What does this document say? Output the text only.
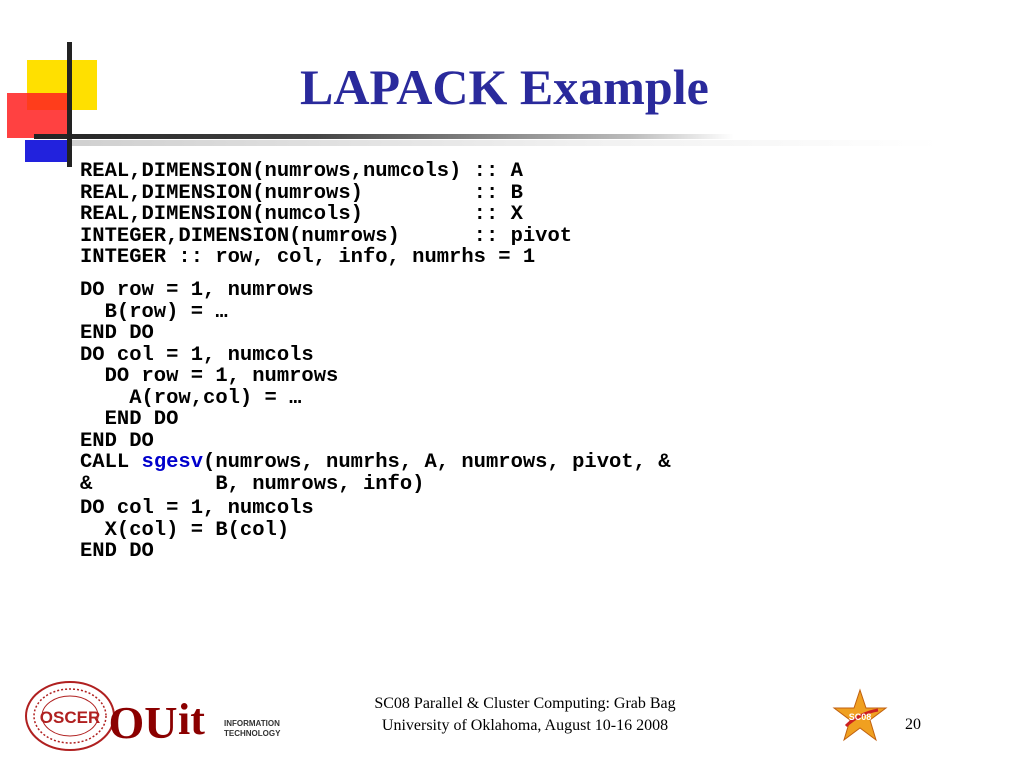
LAPACK Example
REAL,DIMENSION(numrows,numcols) :: A
REAL,DIMENSION(numrows)         :: B
REAL,DIMENSION(numcols)         :: X
INTEGER,DIMENSION(numrows)      :: pivot
INTEGER :: row, col, info, numrhs = 1
DO row = 1, numrows
B(row) = …
END DO
DO col = 1, numcols
DO row = 1, numrows
A(row,col) = …
END DO
END DO
CALL sgesv(numrows, numrhs, A, numrows, pivot, &
&          B, numrows, info)
DO col = 1, numcols
X(col) = B(col)
END DO
OSCER OU it INFORMATION
TECHNOLOGY
SC08 Parallel & Cluster Computing: Grab Bag
University of Oklahoma, August 10-16 2008	SC08 20
